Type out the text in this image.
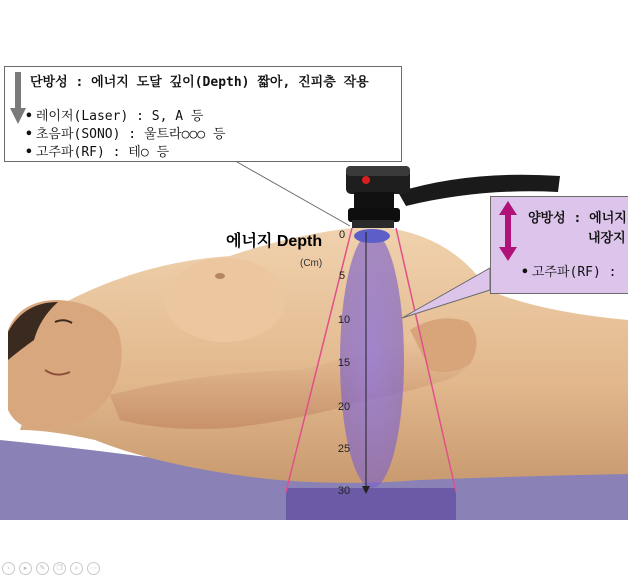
단방성 : 에너지 도달 깊이(Depth) 짧아, 진피층 작용
• 레이저(Laser) : S, A 등
• 초음파(SONO) : 울트라○○○ 등
• 고주파(RF) : 테○ 등
양방성 : 에너지
내장지
• 고주파(RF) :
에너지 Depth
(Cm)
0
5
10
15
20
25
30
‹	▸	✎	❐	⌕	⋯
